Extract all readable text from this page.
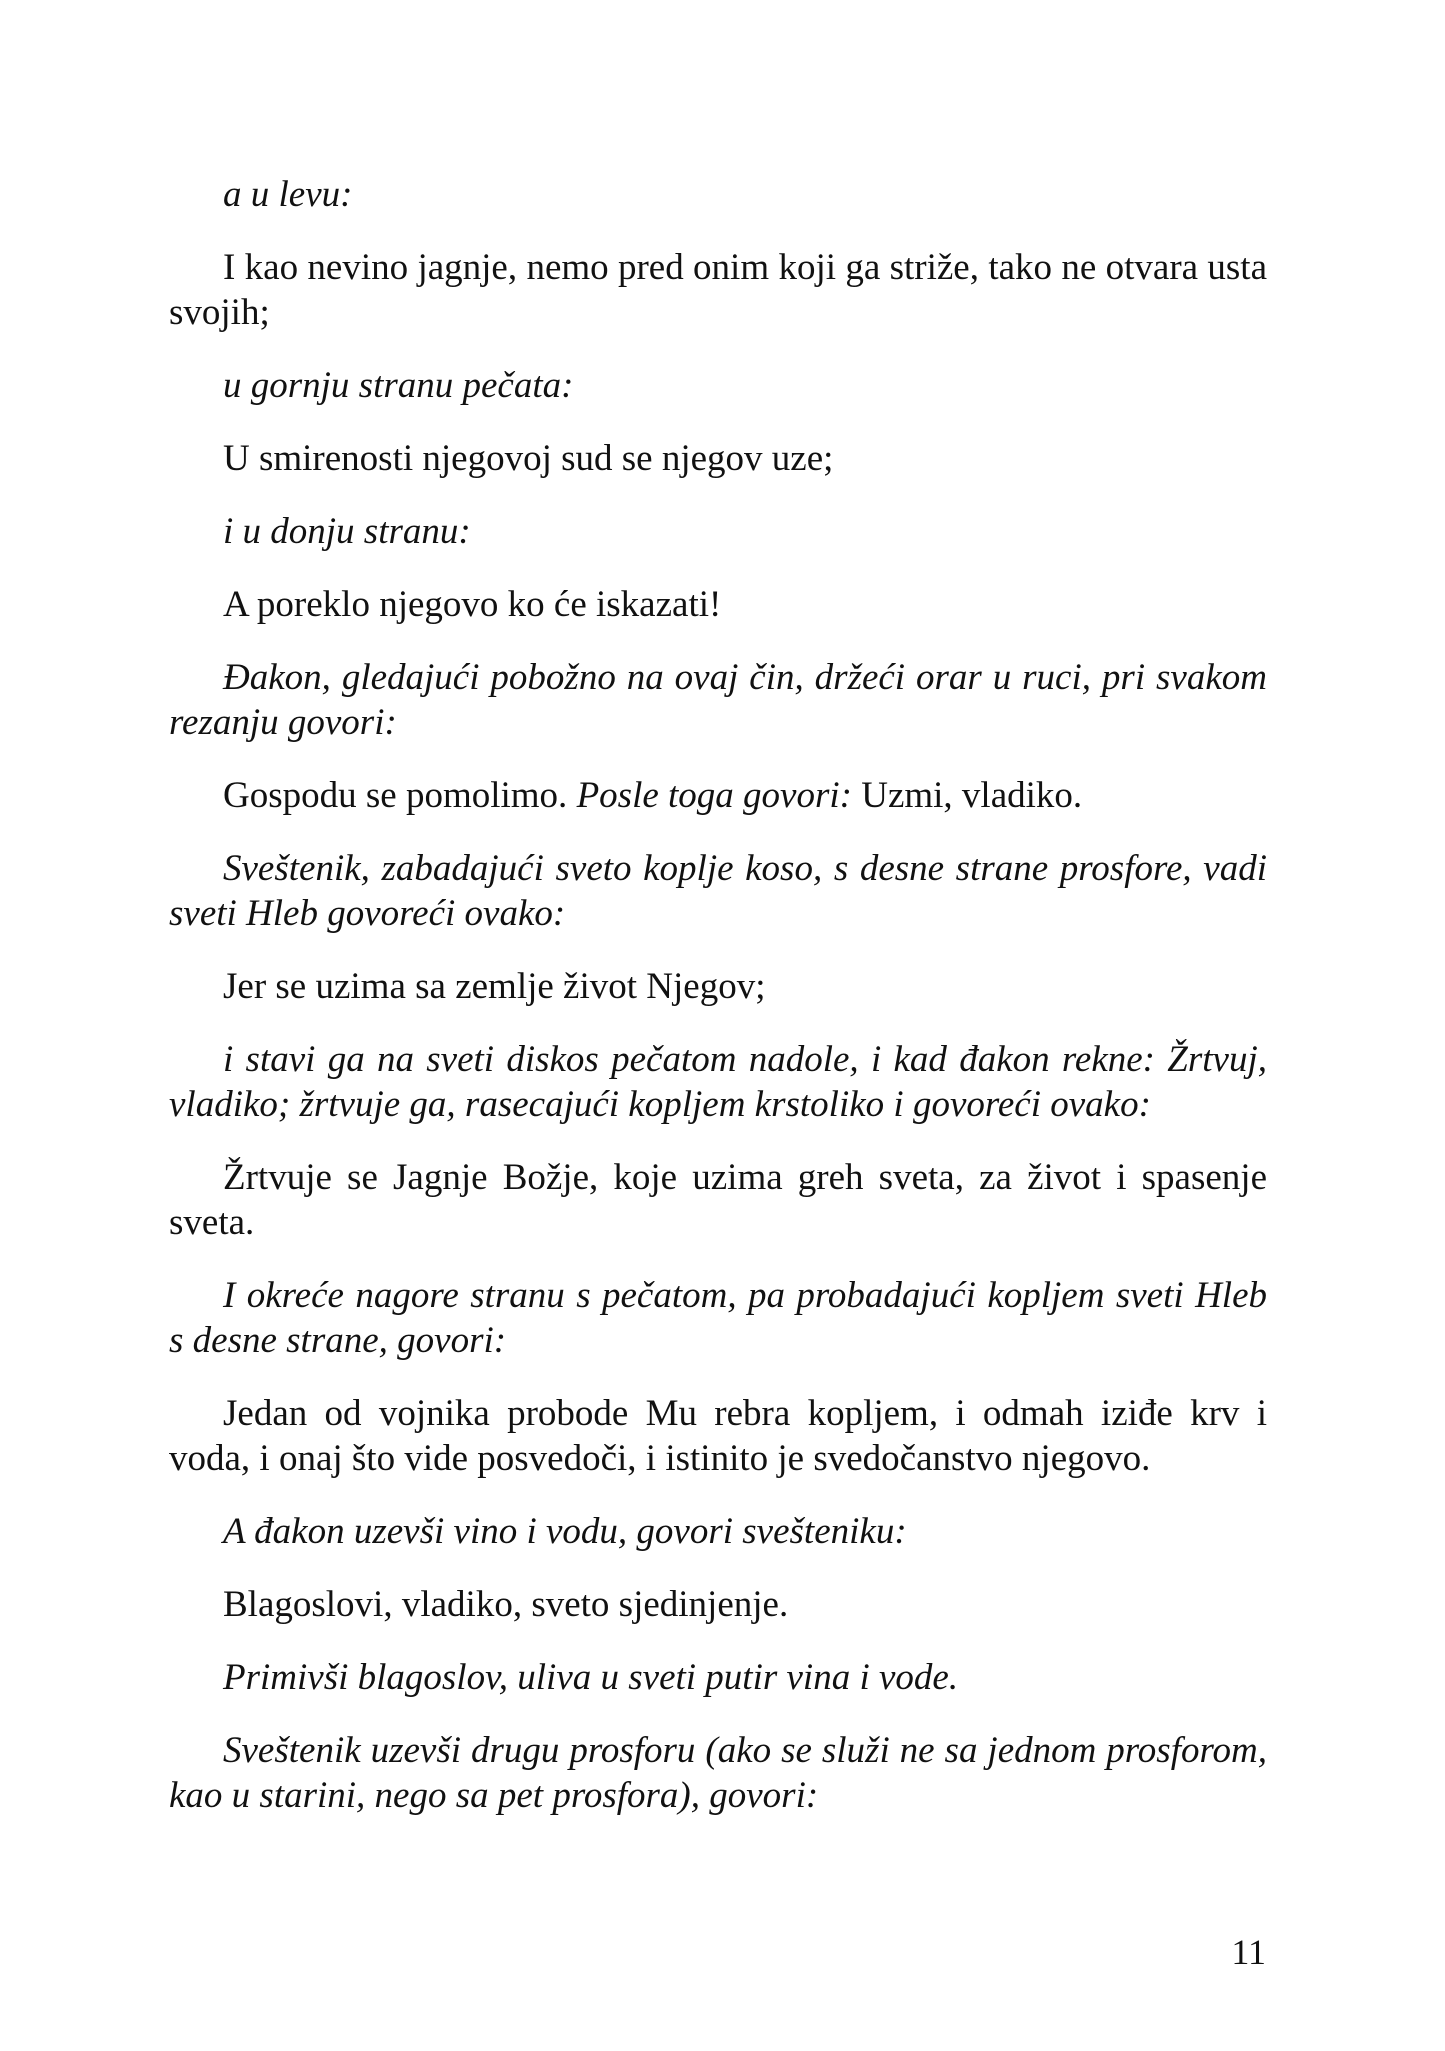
a u levu:

I kao nevino jagnje, nemo pred onim koji ga striže, tako ne otvara usta svojih;

u gornju stranu pečata:

U smirenosti njegovoj sud se njegov uze;

i u donju stranu:

A poreklo njegovo ko će iskazati!

Đakon, gledajući pobožno na ovaj čin, držeći orar u ruci, pri svakom rezanju govori:

Gospodu se pomolimo. Posle toga govori: Uzmi, vladiko.

Sveštenik, zabadajući sveto koplje koso, s desne strane prosfore, vadi sveti Hleb govoreći ovako:

Jer se uzima sa zemlje život Njegov;

i stavi ga na sveti diskos pečatom nadole, i kad đakon rekne: Žrtvuj, vladiko; žrtvuje ga, rasecajući kopljem krstoliko i govoreći ovako:

Žrtvuje se Jagnje Božje, koje uzima greh sveta, za život i spasenje sveta.

I okreće nagore stranu s pečatom, pa probadajući kopljem sveti Hleb s desne strane, govori:

Jedan od vojnika probode Mu rebra kopljem, i odmah iziđe krv i voda, i onaj što vide posvedoči, i istinito je svedočanstvo njegovo.

A đakon uzevši vino i vodu, govori svešteniku:

Blagoslovi, vladiko, sveto sjedinjenje.

Primivši blagoslov, uliva u sveti putir vina i vode.

Sveštenik uzevši drugu prosforu (ako se služi ne sa jednom prosforom, kao u starini, nego sa pet prosfora), govori:

11
